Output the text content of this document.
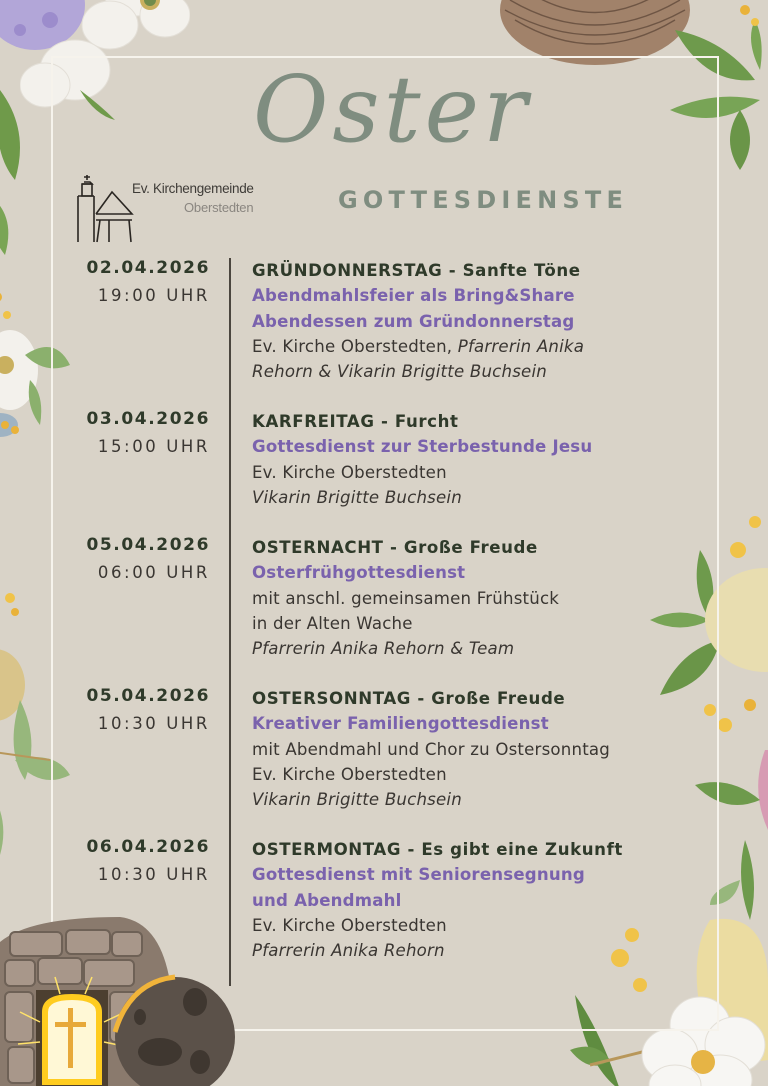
Oster
GOTTESDIENSTE
Ev. Kirchengemeinde
Oberstedten
02.04.2026
19:00 UHR
GRÜNDONNERSTAG - Sanfte Töne
Abendmahlsfeier als Bring&Share
Abendessen zum Gründonnerstag
Ev. Kirche Oberstedten, Pfarrerin Anika
Rehorn & Vikarin Brigitte Buchsein
03.04.2026
15:00 UHR
KARFREITAG - Furcht
Gottesdienst zur Sterbestunde Jesu
Ev. Kirche Oberstedten
Vikarin Brigitte Buchsein
05.04.2026
06:00 UHR
OSTERNACHT - Große Freude
Osterfrühgottesdienst
mit anschl. gemeinsamen Frühstück
in der Alten Wache
Pfarrerin Anika Rehorn & Team
05.04.2026
10:30 UHR
OSTERSONNTAG - Große Freude
Kreativer Familiengottesdienst
mit Abendmahl und Chor zu Ostersonntag
Ev. Kirche Oberstedten
Vikarin Brigitte Buchsein
06.04.2026
10:30 UHR
OSTERMONTAG - Es gibt eine Zukunft
Gottesdienst mit Seniorensegnung
und Abendmahl
Ev. Kirche Oberstedten
Pfarrerin Anika Rehorn
